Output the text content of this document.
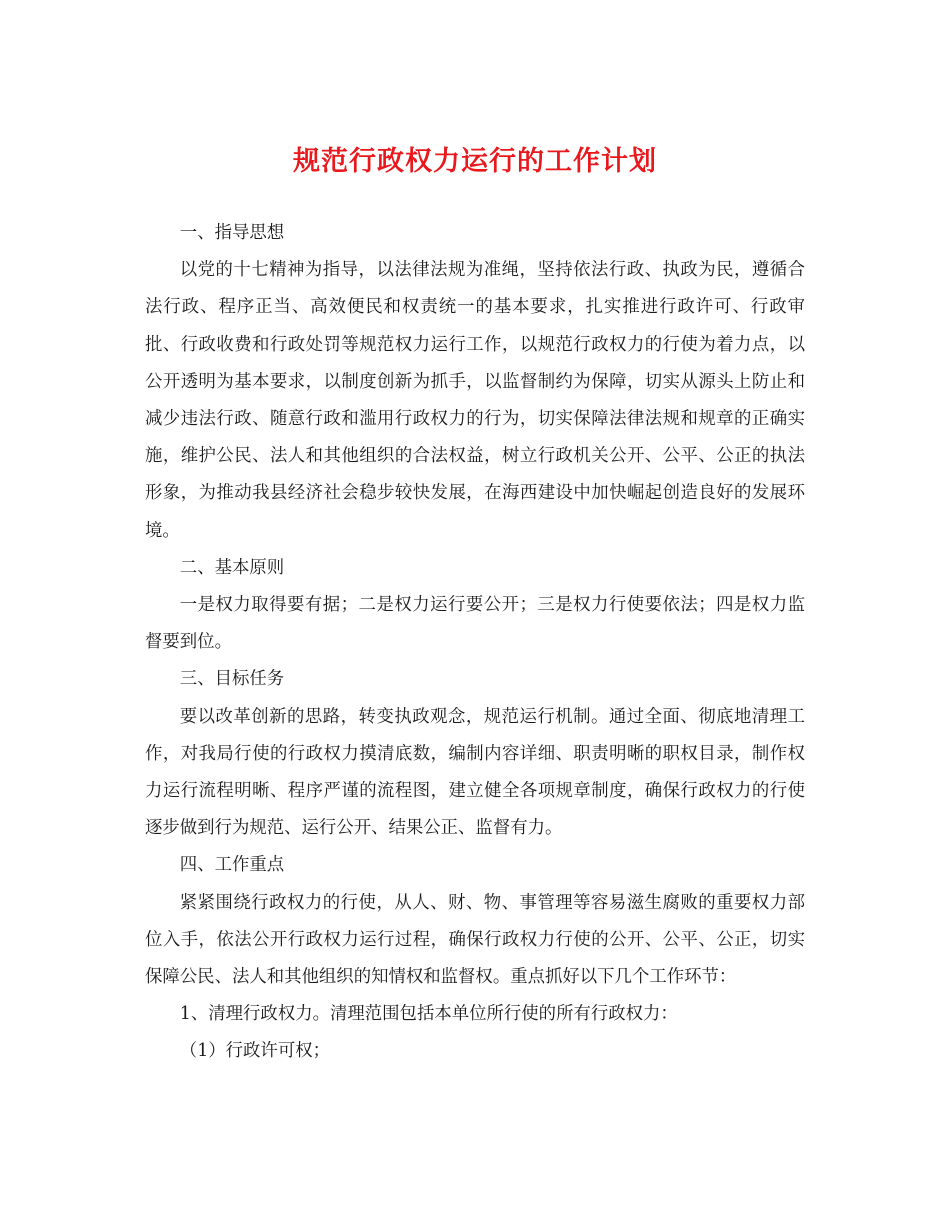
规范行政权力运行的工作计划

一、指导思想

以党的十七精神为指导，以法律法规为准绳，坚持依法行政、执政为民，遵循合法行政、程序正当、高效便民和权责统一的基本要求，扎实推进行政许可、行政审批、行政收费和行政处罚等规范权力运行工作，以规范行政权力的行使为着力点，以公开透明为基本要求，以制度创新为抓手，以监督制约为保障，切实从源头上防止和减少违法行政、随意行政和滥用行政权力的行为，切实保障法律法规和规章的正确实施，维护公民、法人和其他组织的合法权益，树立行政机关公开、公平、公正的执法形象，为推动我县经济社会稳步较快发展，在海西建设中加快崛起创造良好的发展环境。

二、基本原则

一是权力取得要有据；二是权力运行要公开；三是权力行使要依法；四是权力监督要到位。

三、目标任务

要以改革创新的思路，转变执政观念，规范运行机制。通过全面、彻底地清理工作，对我局行使的行政权力摸清底数，编制内容详细、职责明晰的职权目录，制作权力运行流程明晰、程序严谨的流程图，建立健全各项规章制度，确保行政权力的行使逐步做到行为规范、运行公开、结果公正、监督有力。

四、工作重点

紧紧围绕行政权力的行使，从人、财、物、事管理等容易滋生腐败的重要权力部位入手，依法公开行政权力运行过程，确保行政权力行使的公开、公平、公正，切实保障公民、法人和其他组织的知情权和监督权。重点抓好以下几个工作环节：

1、清理行政权力。清理范围包括本单位所行使的所有行政权力：

（1）行政许可权；
